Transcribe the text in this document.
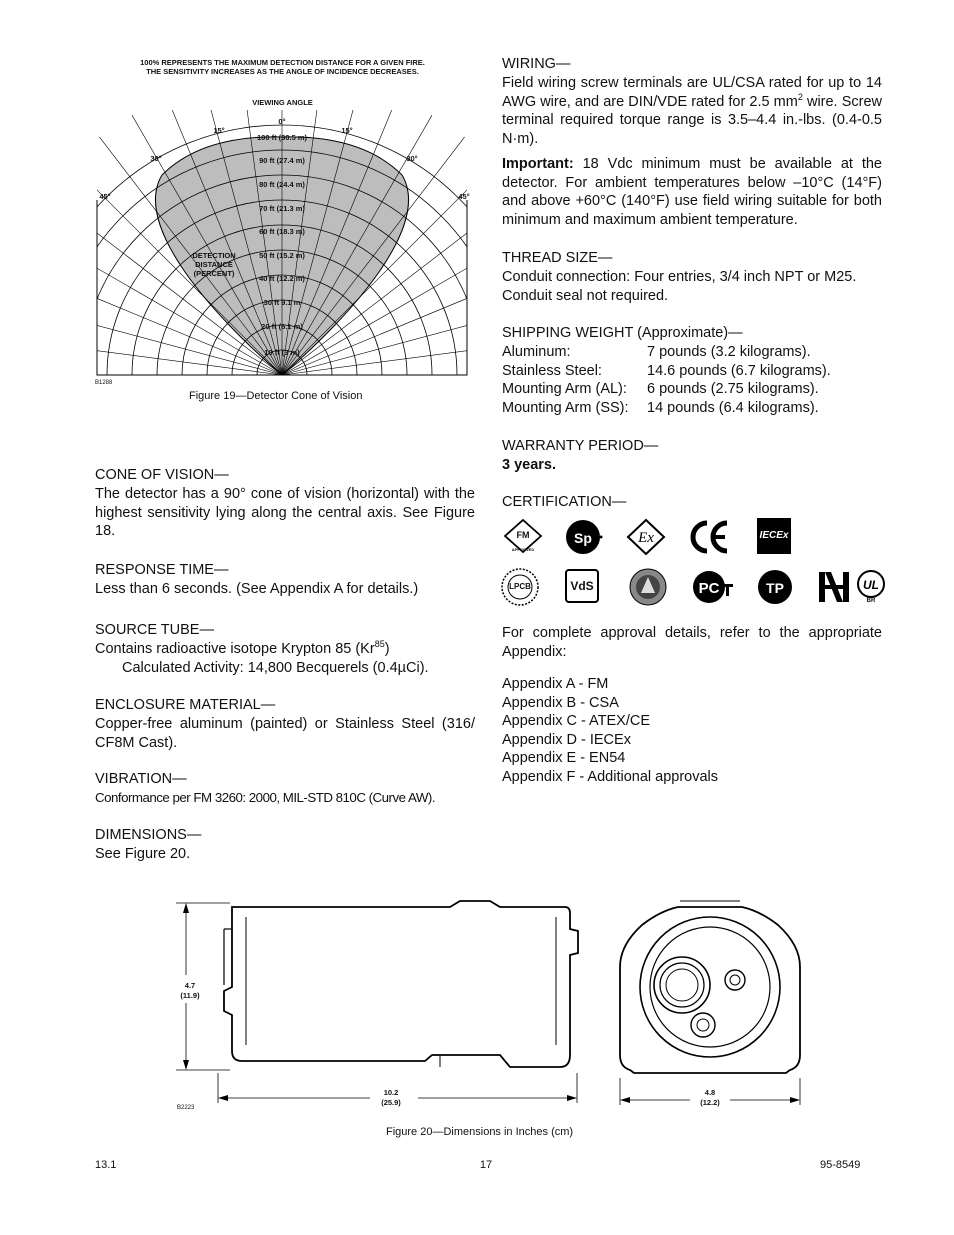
100% REPRESENTS THE MAXIMUM DETECTION DISTANCE FOR A GIVEN FIRE. THE SENSITIVITY INCREASES AS THE ANGLE OF INCIDENCE DECREASES.
VIEWING ANGLE
0°
15°	15°
30°	30°
45°	45°
100 ft (30.5 m)
90 ft (27.4 m)
80 ft (24.4 m)
70 ft (21.3 m)
60 ft (18.3 m)
50 ft (15.2 m)
40 ft (12.2 m)
30 ft 9.1 m
20 ft (6.1 m)
10 ft (3 m)
DETECTION DISTANCE (PERCENT)
B1288
Figure 19—Detector Cone of Vision
CONE OF VISION—
The detector has a 90° cone of vision (horizontal) with the highest sensitivity lying along the central axis. See Figure 18.
RESPONSE TIME—
Less than 6 seconds. (See Appendix A for details.)
SOURCE TUBE—
Contains radioactive isotope Krypton 85 (Kr$^{85}$)
Calculated Activity: 14,800 Becquerels (0.4µCi).
ENCLOSURE MATERIAL—
Copper-free aluminum (painted) or Stainless Steel (316/ CF8M Cast).
VIBRATION—
Conformance per FM 3260: 2000, MIL-STD 810C (Curve AW).
DIMENSIONS—
See Figure 20.
WIRING—
Field wiring screw terminals are UL/CSA rated for up to 14 AWG wire, and are DIN/VDE rated for 2.5 $mm^2$ wire. Screw terminal required torque range is 3.5–4.4 in.-lbs. (0.4-0.5 N·m).
Important: 18 Vdc minimum must be available at the detector. For ambient temperatures below –10°C (14°F) and above +60°C (140°F) use field wiring suitable for both minimum and maximum ambient temperature.
THREAD SIZE—
Conduit connection: Four entries, 3/4 inch NPT or M25. Conduit seal not required.
SHIPPING WEIGHT (Approximate)—
Aluminum:	7 pounds (3.2 kilograms).
Stainless Steel:	14.6 pounds (6.7 kilograms).
Mounting Arm (AL):	6 pounds (2.75 kilograms).
Mounting Arm (SS):	14 pounds (6.4 kilograms).
WARRANTY PERIOD—
3 years.
CERTIFICATION—
FM
APPROVED
Sp	Ex	IECEx
LPCB	VdS	PC	TP	UL
BR
For complete approval details, refer to the appropriate Appendix:
Appendix A - FM
Appendix B - CSA
Appendix C - ATEX/CE
Appendix D - IECEx
Appendix E - EN54
Appendix F - Additional approvals
4.7
(11.9)
10.2
(25.9)
B2223
4.8
(12.2)
Figure 20—Dimensions in Inches (cm)
13.1	17	95-8549
